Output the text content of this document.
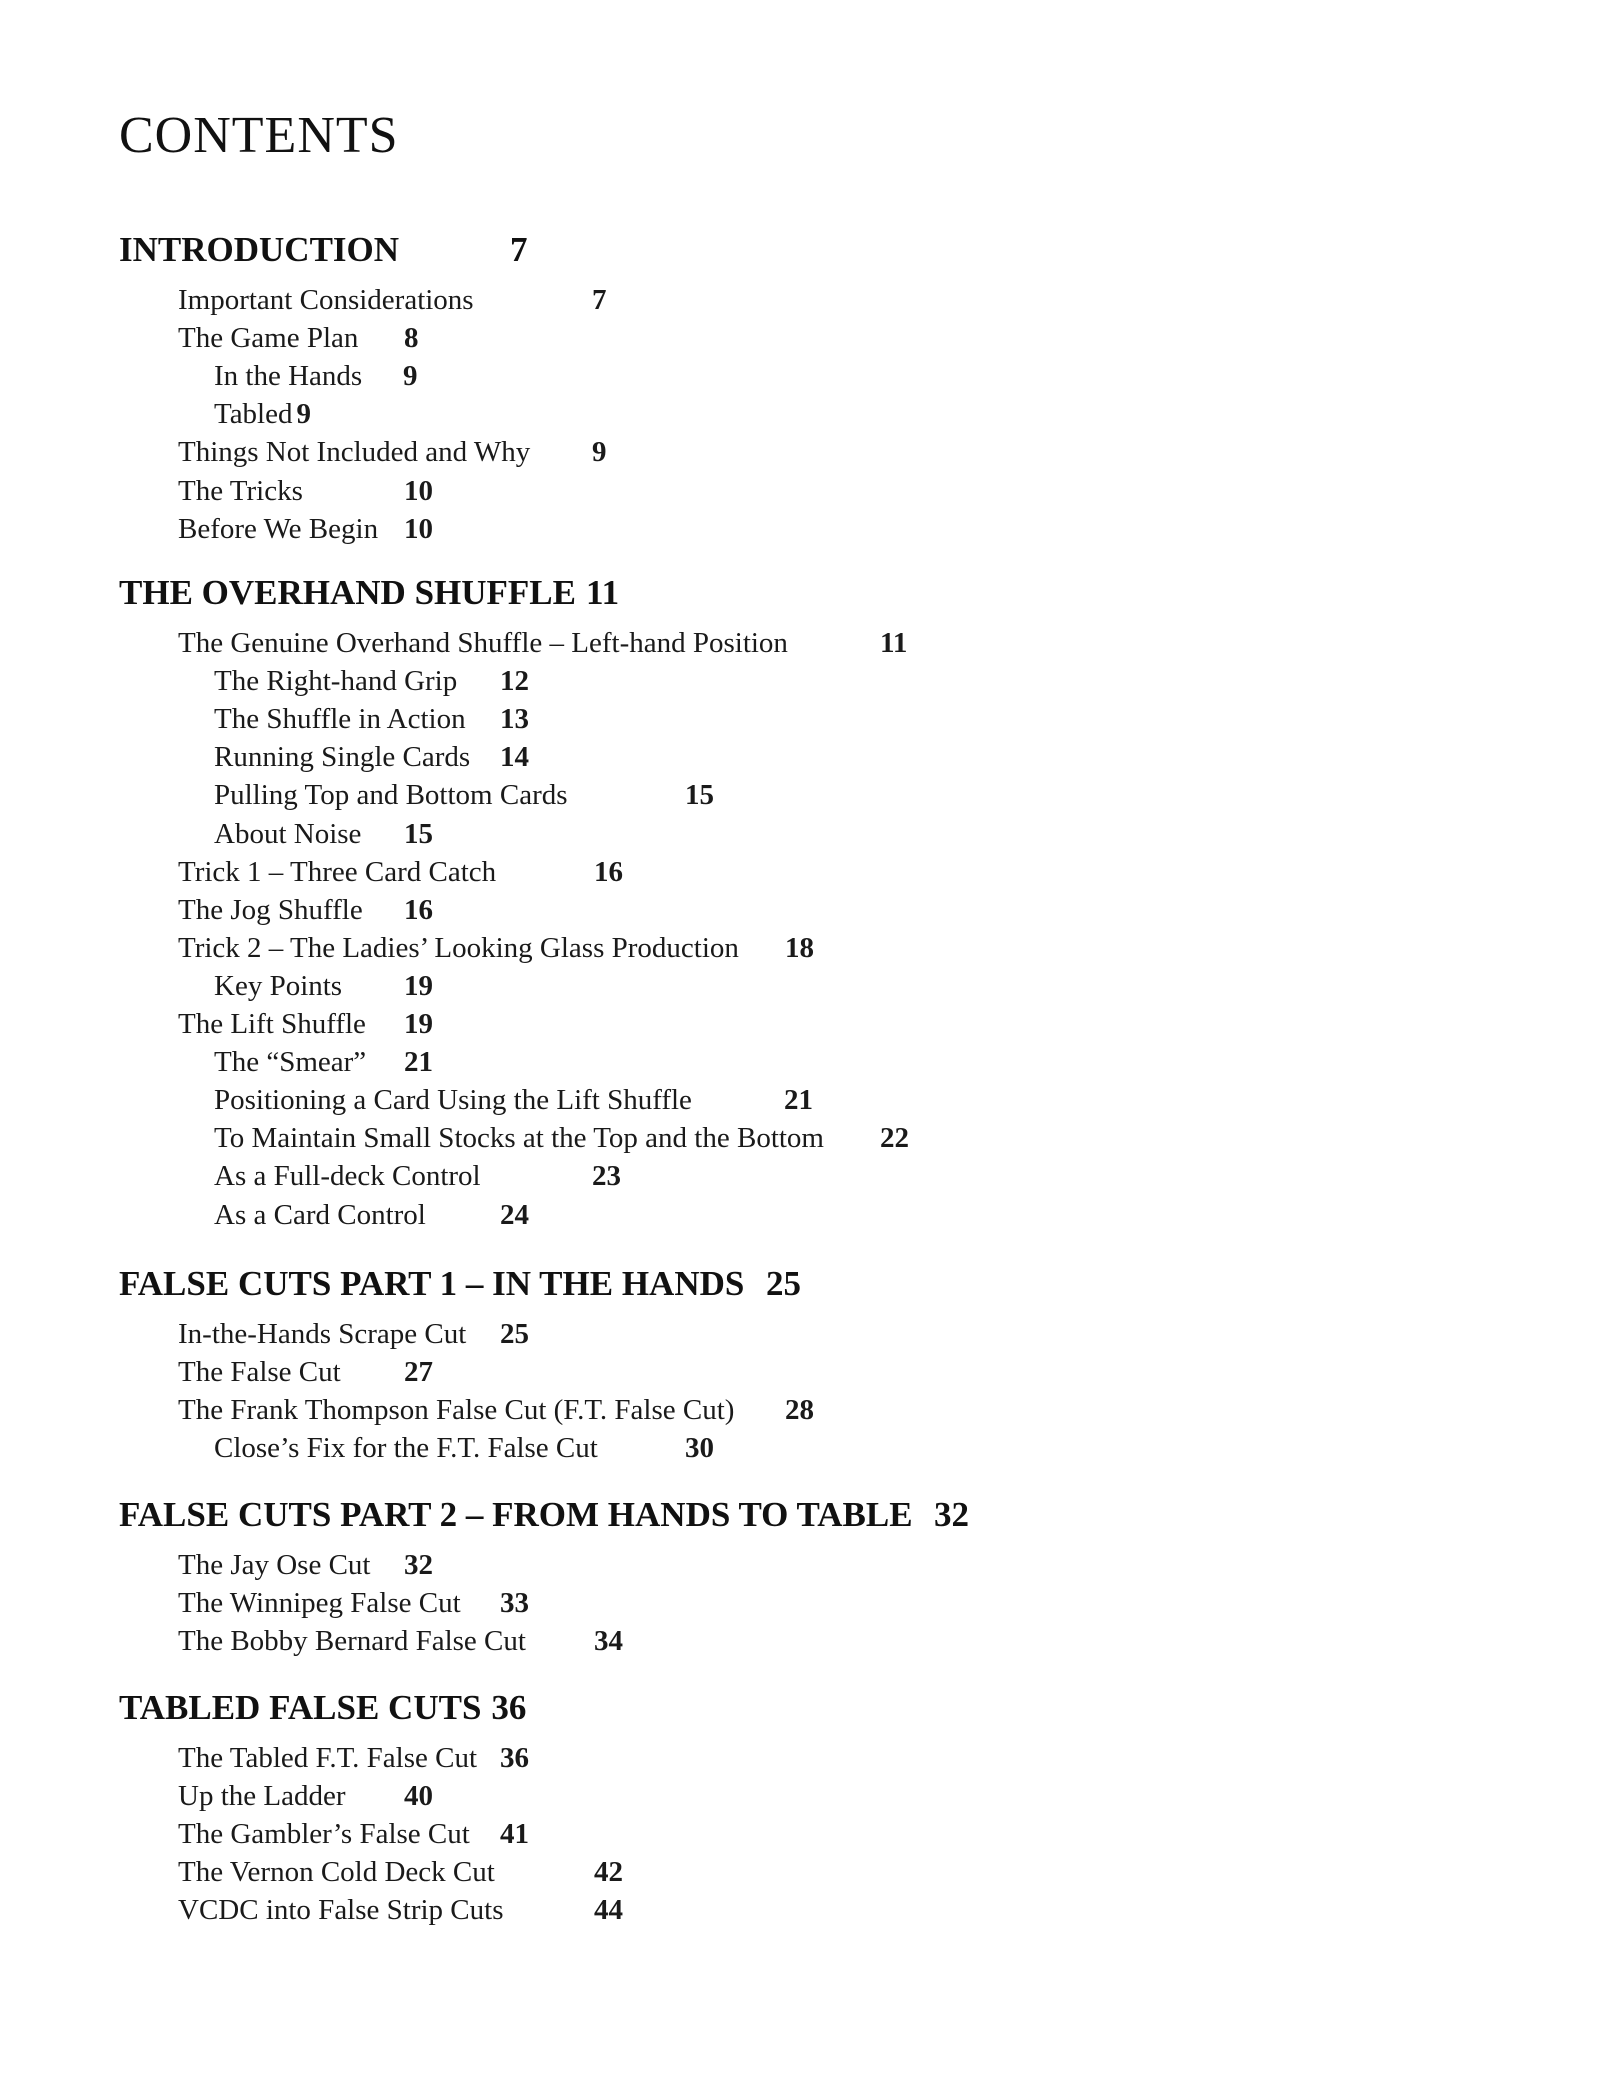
CONTENTS
INTRODUCTION	7
Important Considerations	7
The Game Plan 8
In the Hands 9
Tabled 9
Things Not Included and Why 9
The Tricks	10
Before We Begin 10
THE OVERHAND SHUFFLE 11
The Genuine Overhand Shuffle – Left-hand Position	11
The Right-hand Grip 12
The Shuffle in Action 13
Running Single Cards 14
Pulling Top and Bottom Cards	15
About Noise 15
Trick 1 – Three Card Catch	16
The Jog Shuffle 16
Trick 2 – The Ladies’ Looking Glass Production 18
Key Points 19
The Lift Shuffle 19
The “Smear” 21
Positioning a Card Using the Lift Shuffle	21
To Maintain Small Stocks at the Top and the Bottom 22
As a Full-deck Control	23
As a Card Control	24
FALSE CUTS PART 1 – IN THE HANDS 25
In-the-Hands Scrape Cut 25
The False Cut 27
The Frank Thompson False Cut (F.T. False Cut) 28
Close’s Fix for the F.T. False Cut	30
FALSE CUTS PART 2 – FROM HANDS TO TABLE 32
The Jay Ose Cut 32
The Winnipeg False Cut 33
The Bobby Bernard False Cut 34
TABLED FALSE CUTS 36
The Tabled F.T. False Cut 36
Up the Ladder 40
The Gambler’s False Cut 41
The Vernon Cold Deck Cut	42
VCDC into False Strip Cuts	44
